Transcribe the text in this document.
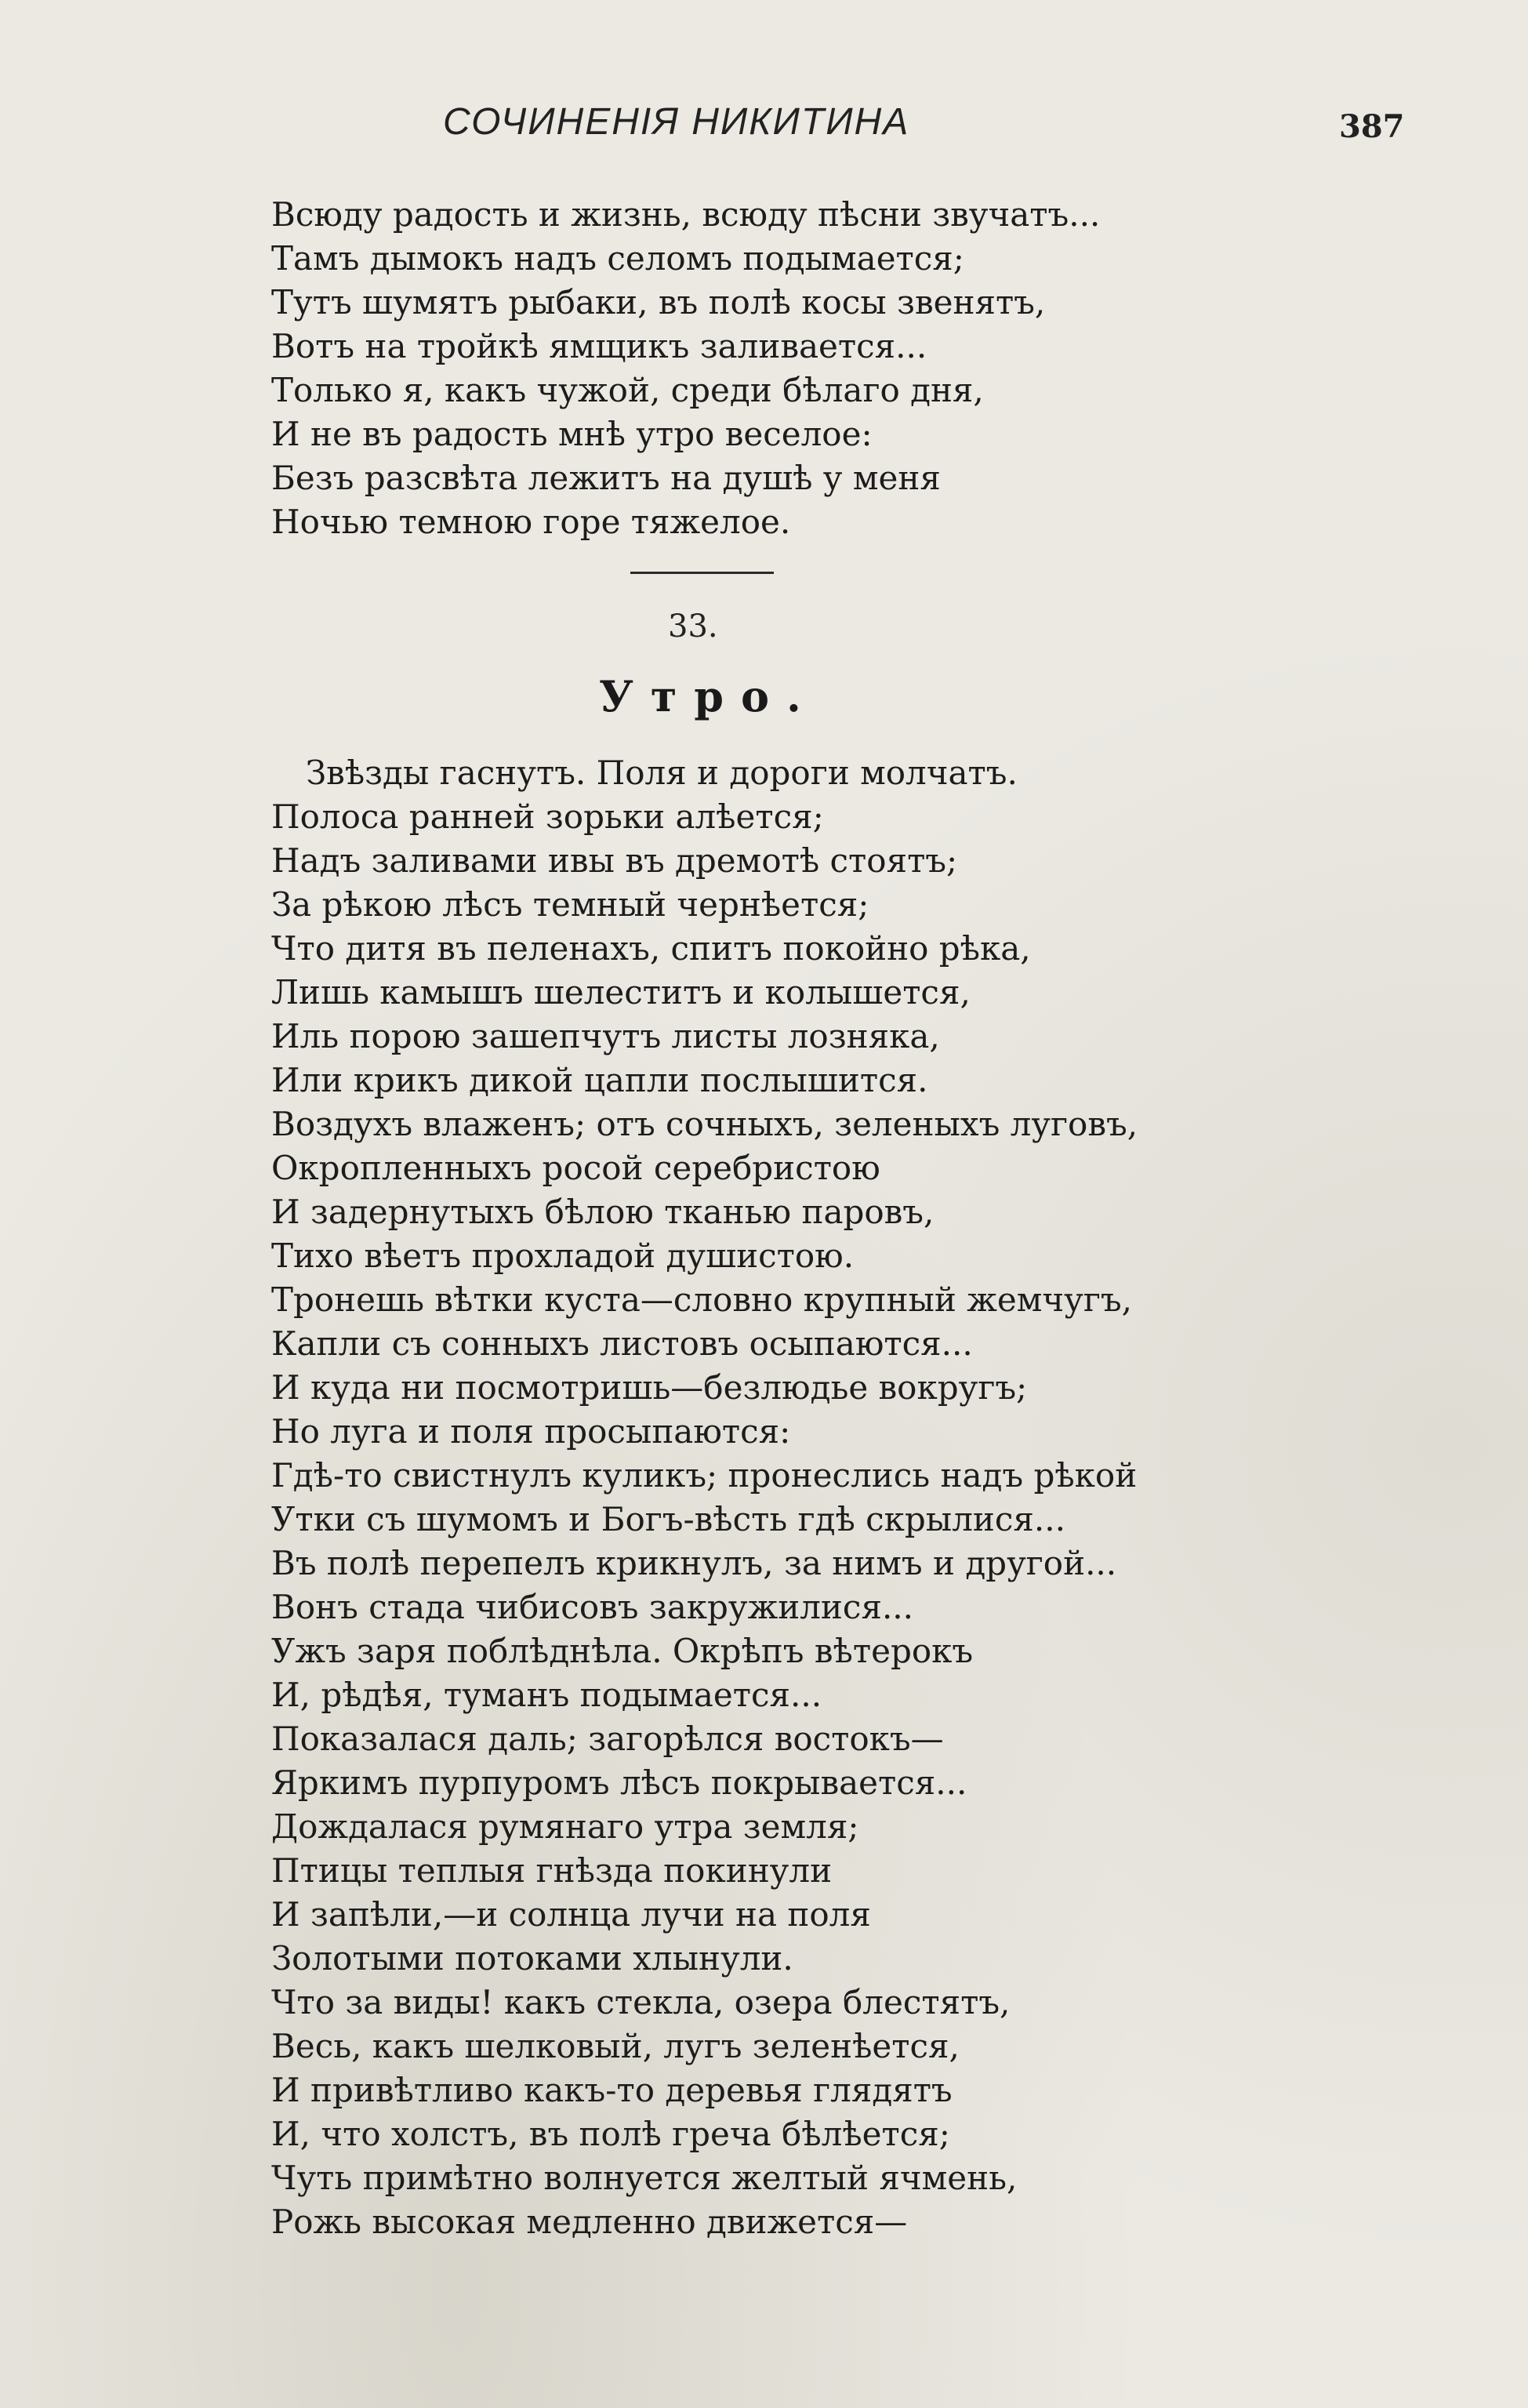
СОЧИНЕНІЯ НИКИТИНА	387
Всюду радость и жизнь, всюду пѣсни звучатъ...
Тамъ дымокъ надъ селомъ подымается;
Тутъ шумятъ рыбаки, въ полѣ косы звенятъ,
Вотъ на тройкѣ ямщикъ заливается...
Только я, какъ чужой, среди бѣлаго дня,
И не въ радость мнѣ утро веселое:
Безъ разсвѣта лежитъ на душѣ у меня
Ночью темною горе тяжелое.
33.
Утро.
Звѣзды гаснутъ. Поля и дороги молчатъ.
Полоса ранней зорьки алѣется;
Надъ заливами ивы въ дремотѣ стоятъ;
За рѣкою лѣсъ темный чернѣется;
Что дитя въ пеленахъ, спитъ покойно рѣка,
Лишь камышъ шелеститъ и колышется,
Иль порою зашепчутъ листы лозняка,
Или крикъ дикой цапли послышится.
Воздухъ влаженъ; отъ сочныхъ, зеленыхъ луговъ,
Окропленныхъ росой серебристою
И задернутыхъ бѣлою тканью паровъ,
Тихо вѣетъ прохладой душистою.
Тронешь вѣтки куста—словно крупный жемчугъ,
Капли съ сонныхъ листовъ осыпаются...
И куда ни посмотришь—безлюдье вокругъ;
Но луга и поля просыпаются:
Гдѣ-то свистнулъ куликъ; пронеслись надъ рѣкой
Утки съ шумомъ и Богъ-вѣсть гдѣ скрылися...
Въ полѣ перепелъ крикнулъ, за нимъ и другой...
Вонъ стада чибисовъ закружилися...
Ужъ заря поблѣднѣла. Окрѣпъ вѣтерокъ
И, рѣдѣя, туманъ подымается...
Показалася даль; загорѣлся востокъ—
Яркимъ пурпуромъ лѣсъ покрывается...
Дождалася румянаго утра земля;
Птицы теплыя гнѣзда покинули
И запѣли,—и солнца лучи на поля
Золотыми потоками хлынули.
Что за виды! какъ стекла, озера блестятъ,
Весь, какъ шелковый, лугъ зеленѣется,
И привѣтливо какъ-то деревья глядятъ
И, что холстъ, въ полѣ греча бѣлѣется;
Чуть примѣтно волнуется желтый ячмень,
Рожь высокая медленно движется—
